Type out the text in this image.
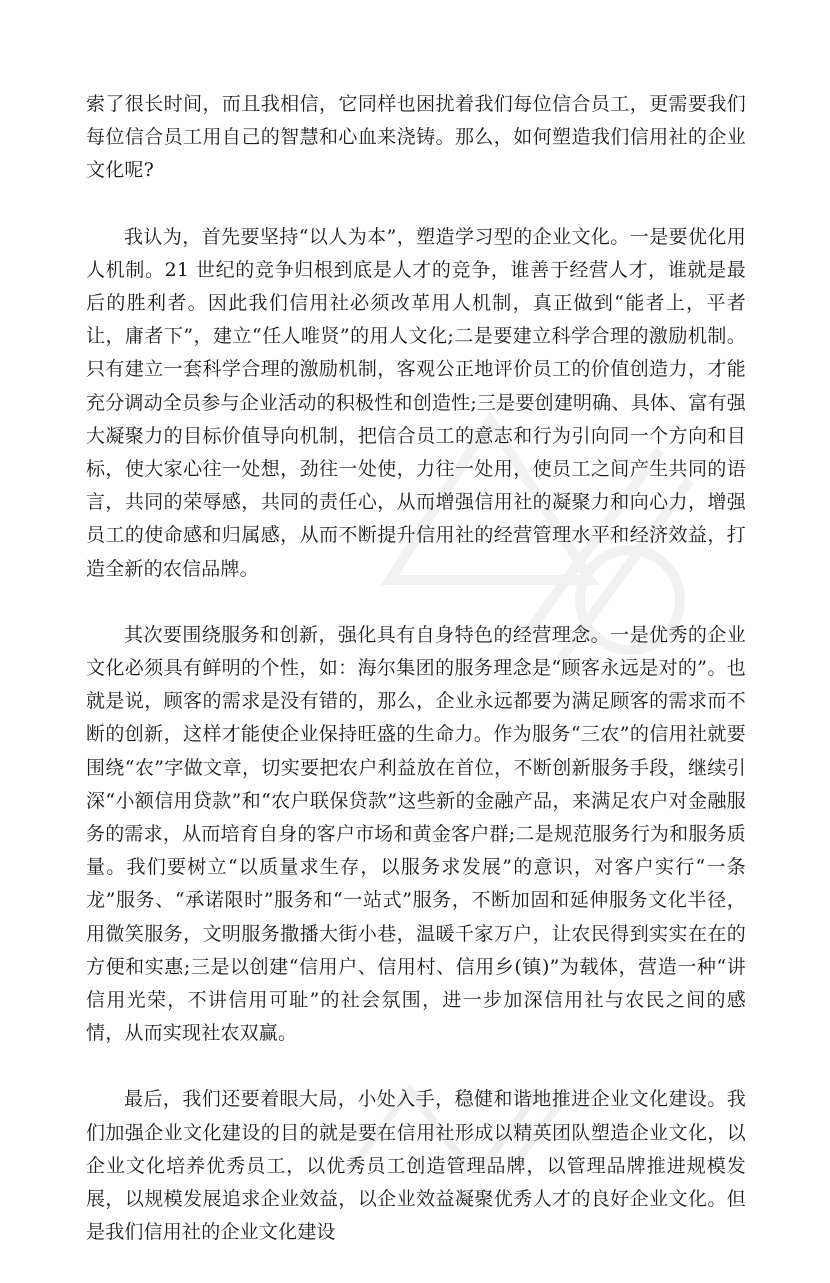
索了很长时间，而且我相信，它同样也困扰着我们每位信合员工，更需要我们每位信合员工用自己的智慧和心血来浇铸。那么，如何塑造我们信用社的企业文化呢?

我认为，首先要坚持“以人为本”，塑造学习型的企业文化。一是要优化用人机制。21 世纪的竞争归根到底是人才的竞争，谁善于经营人才，谁就是最后的胜利者。因此我们信用社必须改革用人机制，真正做到“能者上，平者让，庸者下”，建立“任人唯贤”的用人文化;二是要建立科学合理的激励机制。只有建立一套科学合理的激励机制，客观公正地评价员工的价值创造力，才能充分调动全员参与企业活动的积极性和创造性;三是要创建明确、具体、富有强大凝聚力的目标价值导向机制，把信合员工的意志和行为引向同一个方向和目标，使大家心往一处想，劲往一处使，力往一处用，使员工之间产生共同的语言，共同的荣辱感，共同的责任心，从而增强信用社的凝聚力和向心力，增强员工的使命感和归属感，从而不断提升信用社的经营管理水平和经济效益，打造全新的农信品牌。

其次要围绕服务和创新，强化具有自身特色的经营理念。一是优秀的企业文化必须具有鲜明的个性，如：海尔集团的服务理念是“顾客永远是对的”。也就是说，顾客的需求是没有错的，那么，企业永远都要为满足顾客的需求而不断的创新，这样才能使企业保持旺盛的生命力。作为服务“三农”的信用社就要围绕“农”字做文章，切实要把农户利益放在首位，不断创新服务手段，继续引深“小额信用贷款”和“农户联保贷款”这些新的金融产品，来满足农户对金融服务的需求，从而培育自身的客户市场和黄金客户群;二是规范服务行为和服务质量。我们要树立“以质量求生存，以服务求发展”的意识，对客户实行“一条龙”服务、“承诺限时”服务和“一站式”服务，不断加固和延伸服务文化半径，用微笑服务，文明服务撒播大街小巷，温暖千家万户，让农民得到实实在在的方便和实惠;三是以创建“信用户、信用村、信用乡(镇)”为载体，营造一种“讲信用光荣，不讲信用可耻”的社会氛围，进一步加深信用社与农民之间的感情，从而实现社农双赢。

最后，我们还要着眼大局，小处入手，稳健和谐地推进企业文化建设。我们加强企业文化建设的目的就是要在信用社形成以精英团队塑造企业文化，以企业文化培养优秀员工，以优秀员工创造管理品牌，以管理品牌推进规模发展，以规模发展追求企业效益，以企业效益凝聚优秀人才的良好企业文化。但是我们信用社的企业文化建设
